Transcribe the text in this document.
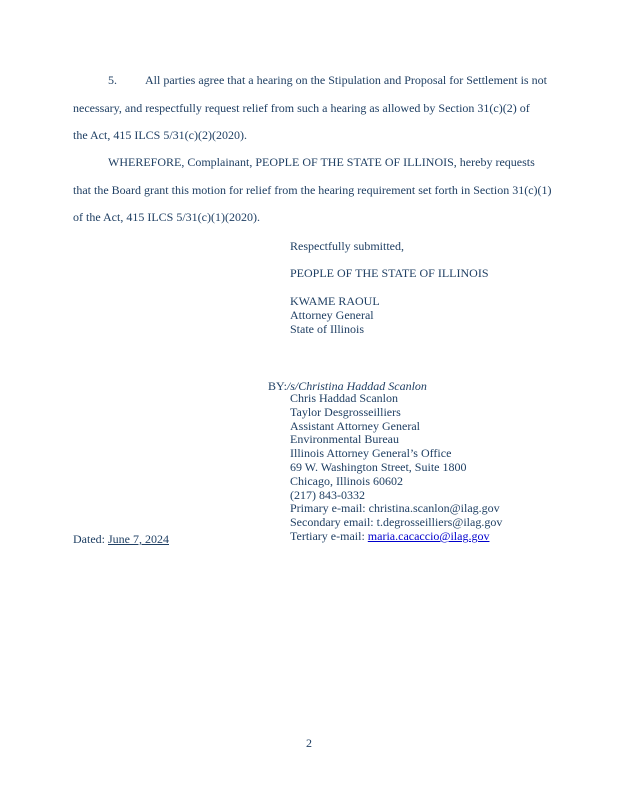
5. All parties agree that a hearing on the Stipulation and Proposal for Settlement is not
necessary, and respectfully request relief from such a hearing as allowed by Section 31(c)(2) of
the Act, 415 ILCS 5/31(c)(2)(2020).
WHEREFORE, Complainant, PEOPLE OF THE STATE OF ILLINOIS, hereby requests
that the Board grant this motion for relief from the hearing requirement set forth in Section 31(c)(1)
of the Act, 415 ILCS 5/31(c)(1)(2020).
Respectfully submitted,
PEOPLE OF THE STATE OF ILLINOIS
KWAME RAOUL
Attorney General
State of Illinois
BY:/s/Christina Haddad Scanlon
Chris Haddad Scanlon
Taylor Desgrosseilliers
Assistant Attorney General
Environmental Bureau
Illinois Attorney General’s Office
69 W. Washington Street, Suite 1800
Chicago, Illinois 60602
(217) 843-0332
Primary e-mail: christina.scanlon@ilag.gov
Secondary email: t.degrosseilliers@ilag.gov
Tertiary e-mail: maria.cacaccio@ilag.gov
Dated: June 7, 2024
2
